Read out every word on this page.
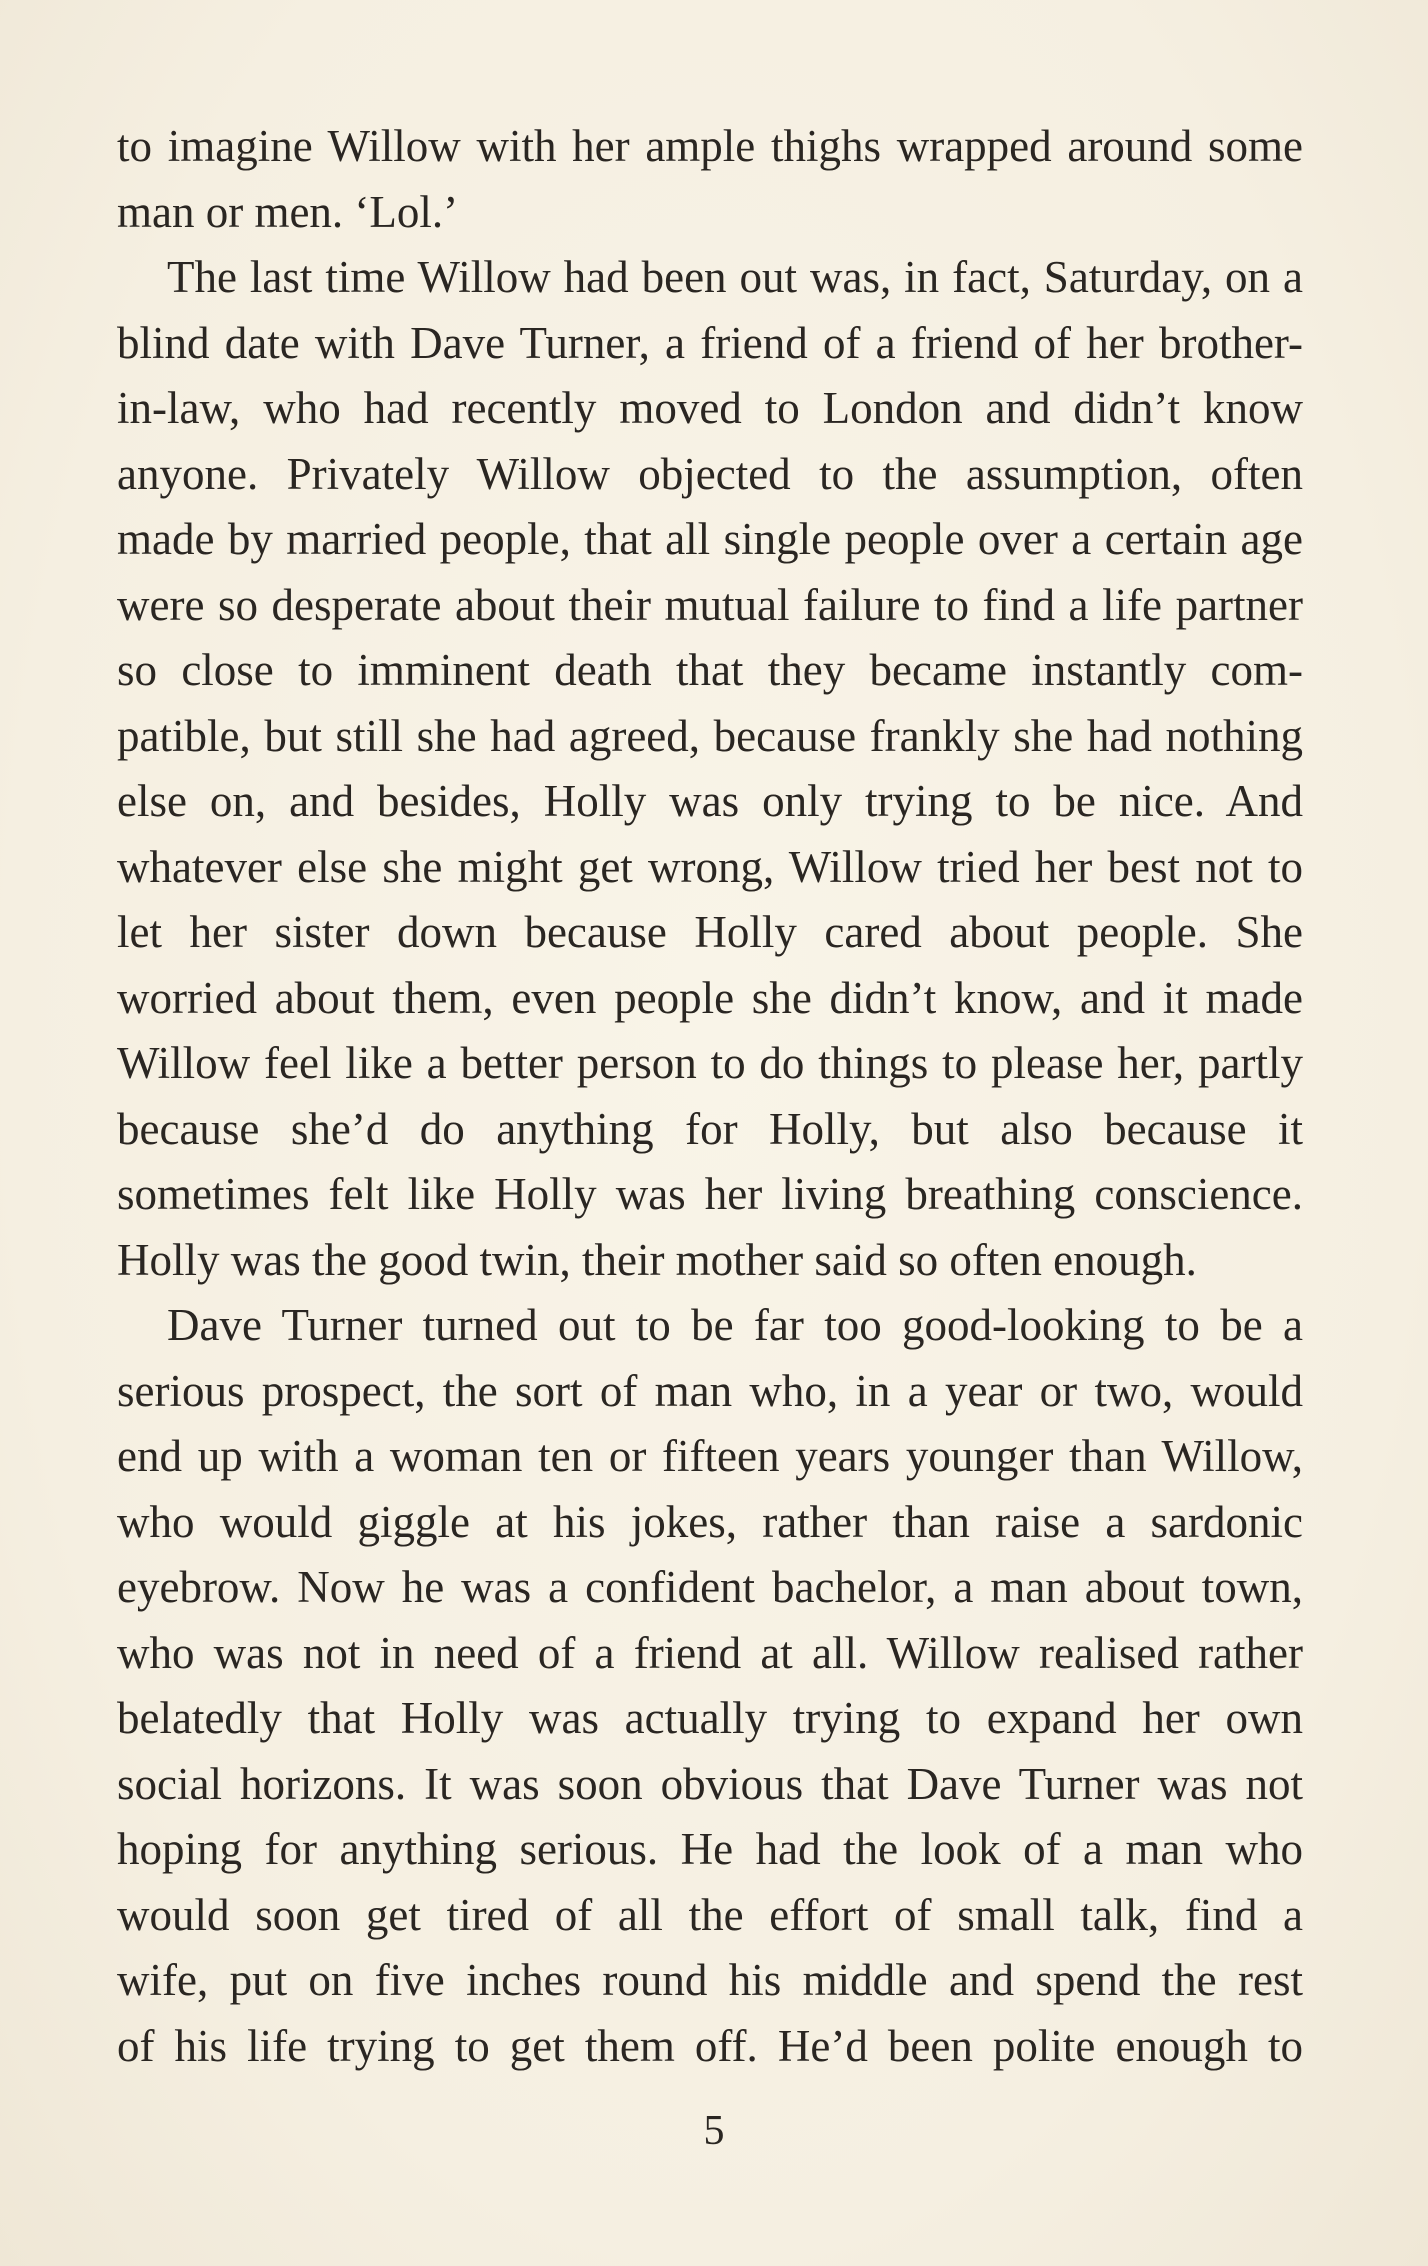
to imagine Willow with her ample thighs wrapped around some
man or men. ‘Lol.’
The last time Willow had been out was, in fact, Saturday, on a
blind date with Dave Turner, a friend of a friend of her brother-
in-law, who had recently moved to London and didn’t know
anyone. Privately Willow objected to the assumption, often
made by married people, that all single people over a certain age
were so desperate about their mutual failure to find a life partner
so close to imminent death that they became instantly com-
patible, but still she had agreed, because frankly she had nothing
else on, and besides, Holly was only trying to be nice. And
whatever else she might get wrong, Willow tried her best not to
let her sister down because Holly cared about people. She
worried about them, even people she didn’t know, and it made
Willow feel like a better person to do things to please her, partly
because she’d do anything for Holly, but also because it
sometimes felt like Holly was her living breathing conscience.
Holly was the good twin, their mother said so often enough.
Dave Turner turned out to be far too good-looking to be a
serious prospect, the sort of man who, in a year or two, would
end up with a woman ten or fifteen years younger than Willow,
who would giggle at his jokes, rather than raise a sardonic
eyebrow. Now he was a confident bachelor, a man about town,
who was not in need of a friend at all. Willow realised rather
belatedly that Holly was actually trying to expand her own
social horizons. It was soon obvious that Dave Turner was not
hoping for anything serious. He had the look of a man who
would soon get tired of all the effort of small talk, find a
wife, put on five inches round his middle and spend the rest
of his life trying to get them off. He’d been polite enough to
5
